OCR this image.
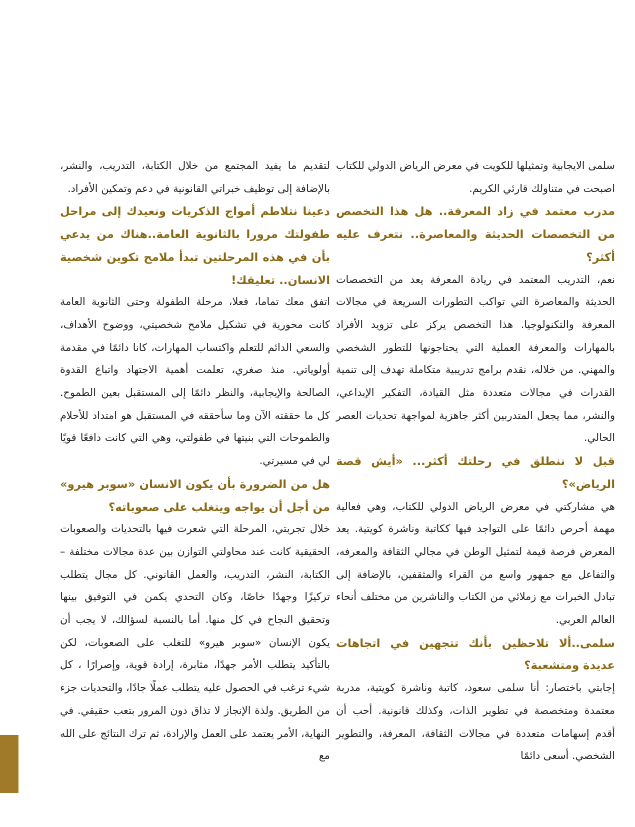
سلمى الايجابية وتمثيلها للكويت في معرض الرياض الدولي للكتاب اصبحت في متناولك قارئي الكريم.

مدرب معتمد في زاد المعرفة.. هل هذا التخصص من التخصصات الحديثة والمعاصرة.. نتعرف عليه أكثر؟

نعم، التدريب المعتمد في ريادة المعرفة يعد من التخصصات الحديثة والمعاصرة التي تواكب التطورات السريعة في مجالات المعرفة والتكنولوجيا. هذا التخصص يركز على تزويد الأفراد بالمهارات والمعرفة العملية التي يحتاجونها للتطور الشخصي والمهني. من خلاله، نقدم برامج تدريبية متكاملة تهدف إلى تنمية القدرات في مجالات متعددة مثل القيادة، التفكير الإبداعي، والنشر، مما يجعل المتدربين أكثر جاهزية لمواجهة تحديات العصر الحالي.

قبل لا ننطلق في رحلتك أكثر... «أيش قصة الرياض»؟

هي مشاركتي في معرض الرياض الدولي للكتاب، وهي فعالية مهمة أحرص دائمًا على التواجد فيها ككاتبة وناشرة كويتية. يعد المعرض فرصة قيمة لتمثيل الوطن في مجالي الثقافة والمعرفه، والتفاعل مع جمهور واسع من القراء والمثقفين، بالإضافة إلى تبادل الخبرات مع زملائي من الكتاب والناشرين من مختلف أنحاء العالم العربي.

سلمى..ألا تلاحظين بأنك تتجهين في اتجاهات عديدة ومتشعبة؟

إجابتي باختصار: أنا سلمى سعود، كاتبة وناشرة كويتية، مدربة معتمدة ومتخصصة في تطوير الذات، وكذلك قانونية. أحب أن أقدم إسهامات متعددة في مجالات الثقافة، المعرفة، والتطوير الشخصي. أسعى دائمًا

لتقديم ما يفيد المجتمع من خلال الكتابة، التدريب، والنشر، بالإضافة إلى توظيف خبراتي القانونية في دعم وتمكين الأفراد.

دعينا نتلاطم أمواج الذكريات ونعيدك إلى مراحل طفولتك مرورا بالثانوية العامة..هناك من يدعي بأن في هذه المرحلتين تبدأ ملامح تكوين شخصية الانسان.. تعليقك!

اتفق معك تماما، فعلا، مرحلة الطفولة وحتى الثانوية العامة كانت محورية في تشكيل ملامح شخصيتي، ووضوح الأهداف، والسعي الدائم للتعلم واكتساب المهارات، كانا دائمًا في مقدمة أولوياتي. منذ صغري، تعلمت أهمية الاجتهاد واتباع القدوة الصالحة والإيجابية، والنظر دائمًا إلى المستقبل بعين الطموح. كل ما حققته الآن وما سأحققه في المستقبل هو امتداد للأحلام والطموحات التي بنيتها في طفولتي، وهي التي كانت دافعًا قويًا لي في مسيرتي.

هل من الضرورة بأن يكون الانسان «سوبر هيرو» من أجل أن يواجه ويتغلب على صعوباته؟

خلال تجربتي، المرحلة التي شعرت فيها بالتحديات والصعوبات الحقيقية كانت عند محاولتي التوازن بين عدة مجالات مختلفة – الكتابة، النشر، التدريب، والعمل القانوني. كل مجال يتطلب تركيزًا وجهدًا خاصًا، وكان التحدي يكمن في التوفيق بينها وتحقيق النجاح في كل منها. أما بالنسبة لسؤالك، لا يجب أن يكون الإنسان «سوبر هيرو» للتغلب على الصعوبات، لكن بالتأكيد يتطلب الأمر جهدًا، مثابرة، إرادة قوية، وإصرارًا ، كل شيء ترغب في الحصول عليه يتطلب عملًا جادًا، والتحديات جزء من الطريق. ولذة الإنجاز لا تذاق دون المرور بتعب حقيقي. في النهاية، الأمر يعتمد على العمل والإرادة، ثم ترك النتائج على الله مع
